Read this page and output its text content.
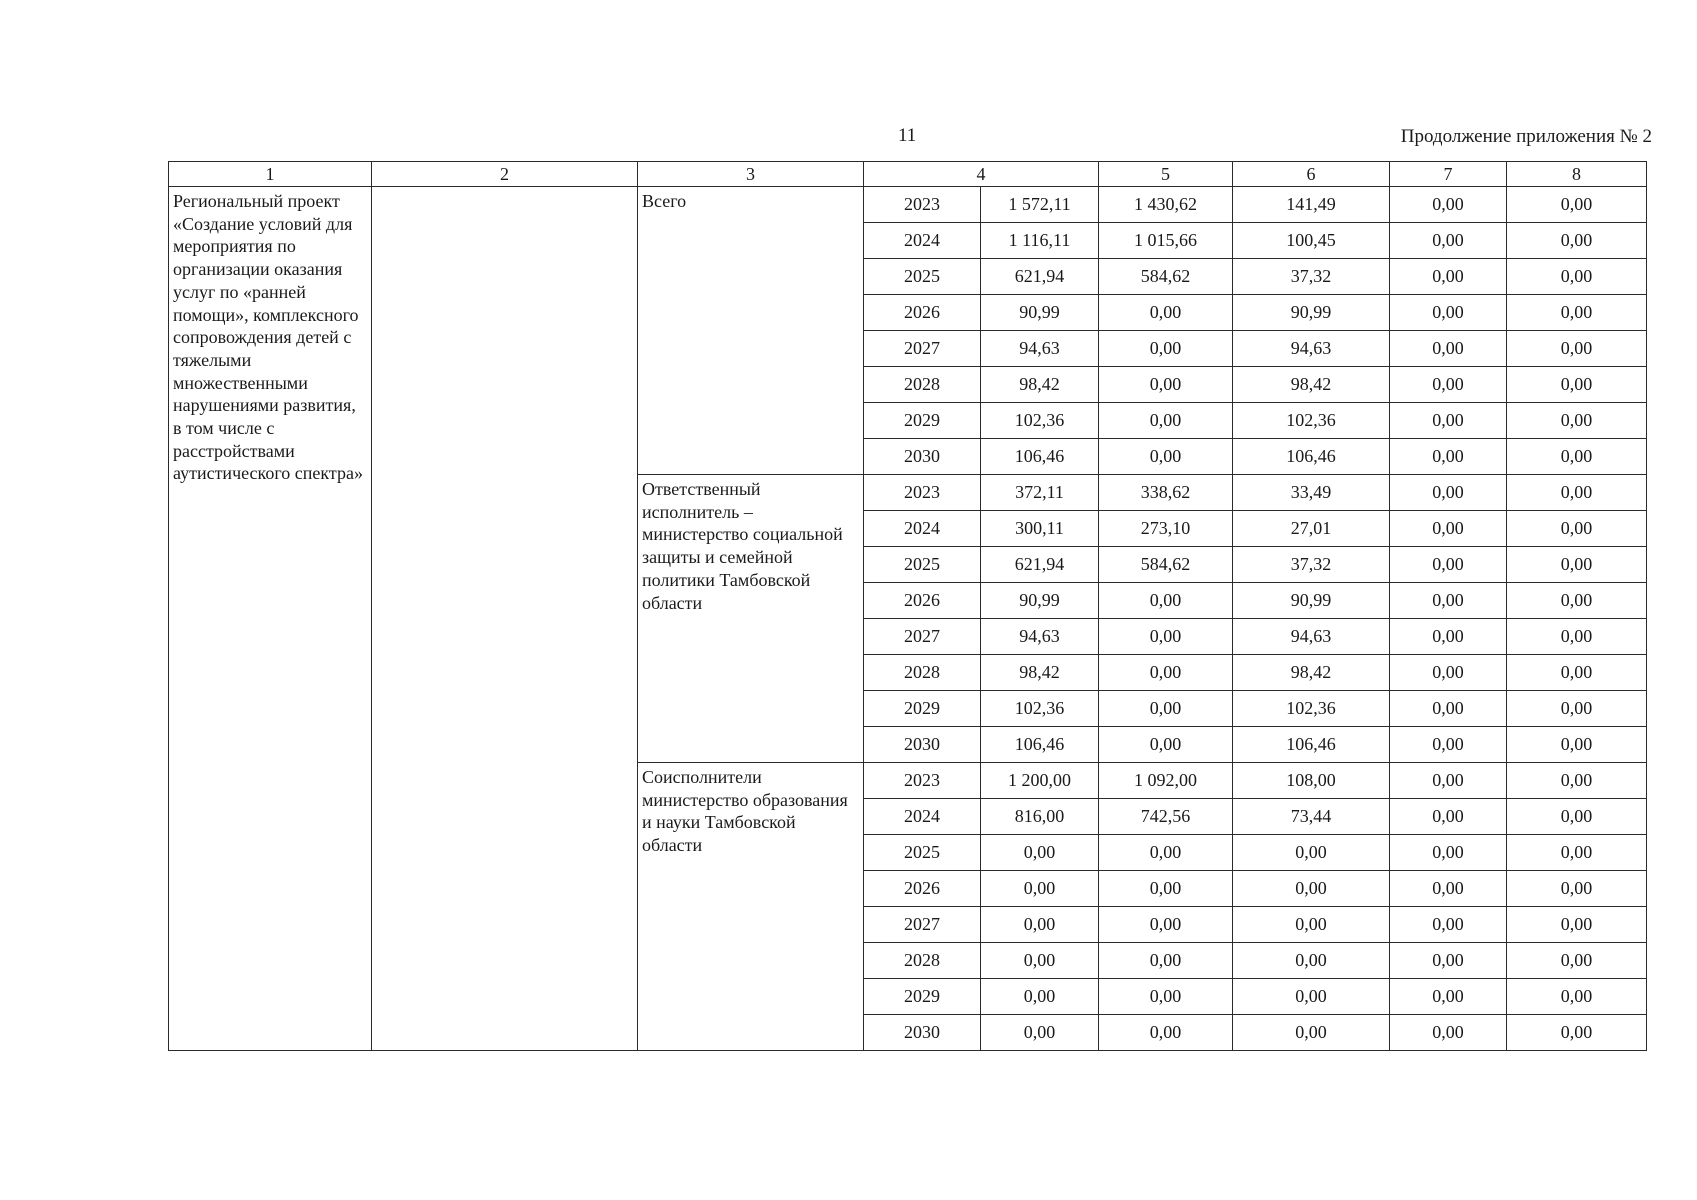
11	Продолжение приложения № 2
1	2	3	4		5	6	7	8
Региональный проект «Создание условий для мероприятия по организации оказания услуг по «ранней помощи», комплексного сопровождения детей с тяжелыми множественными нарушениями развития, в том числе с расстройствами аутистического спектра»		Всего	2023	1 572,11	1 430,62	141,49	0,00	0,00
			2024	1 116,11	1 015,66	100,45	0,00	0,00
			2025	621,94	584,62	37,32	0,00	0,00
			2026	90,99	0,00	90,99	0,00	0,00
			2027	94,63	0,00	94,63	0,00	0,00
			2028	98,42	0,00	98,42	0,00	0,00
			2029	102,36	0,00	102,36	0,00	0,00
			2030	106,46	0,00	106,46	0,00	0,00
		Ответственный исполнитель – министерство социальной защиты и семейной политики Тамбовской области	2023	372,11	338,62	33,49	0,00	0,00
			2024	300,11	273,10	27,01	0,00	0,00
			2025	621,94	584,62	37,32	0,00	0,00
			2026	90,99	0,00	90,99	0,00	0,00
			2027	94,63	0,00	94,63	0,00	0,00
			2028	98,42	0,00	98,42	0,00	0,00
			2029	102,36	0,00	102,36	0,00	0,00
			2030	106,46	0,00	106,46	0,00	0,00
		Соисполнители министерство образования и науки Тамбовской области	2023	1 200,00	1 092,00	108,00	0,00	0,00
			2024	816,00	742,56	73,44	0,00	0,00
			2025	0,00	0,00	0,00	0,00	0,00
			2026	0,00	0,00	0,00	0,00	0,00
			2027	0,00	0,00	0,00	0,00	0,00
			2028	0,00	0,00	0,00	0,00	0,00
			2029	0,00	0,00	0,00	0,00	0,00
			2030	0,00	0,00	0,00	0,00	0,00
